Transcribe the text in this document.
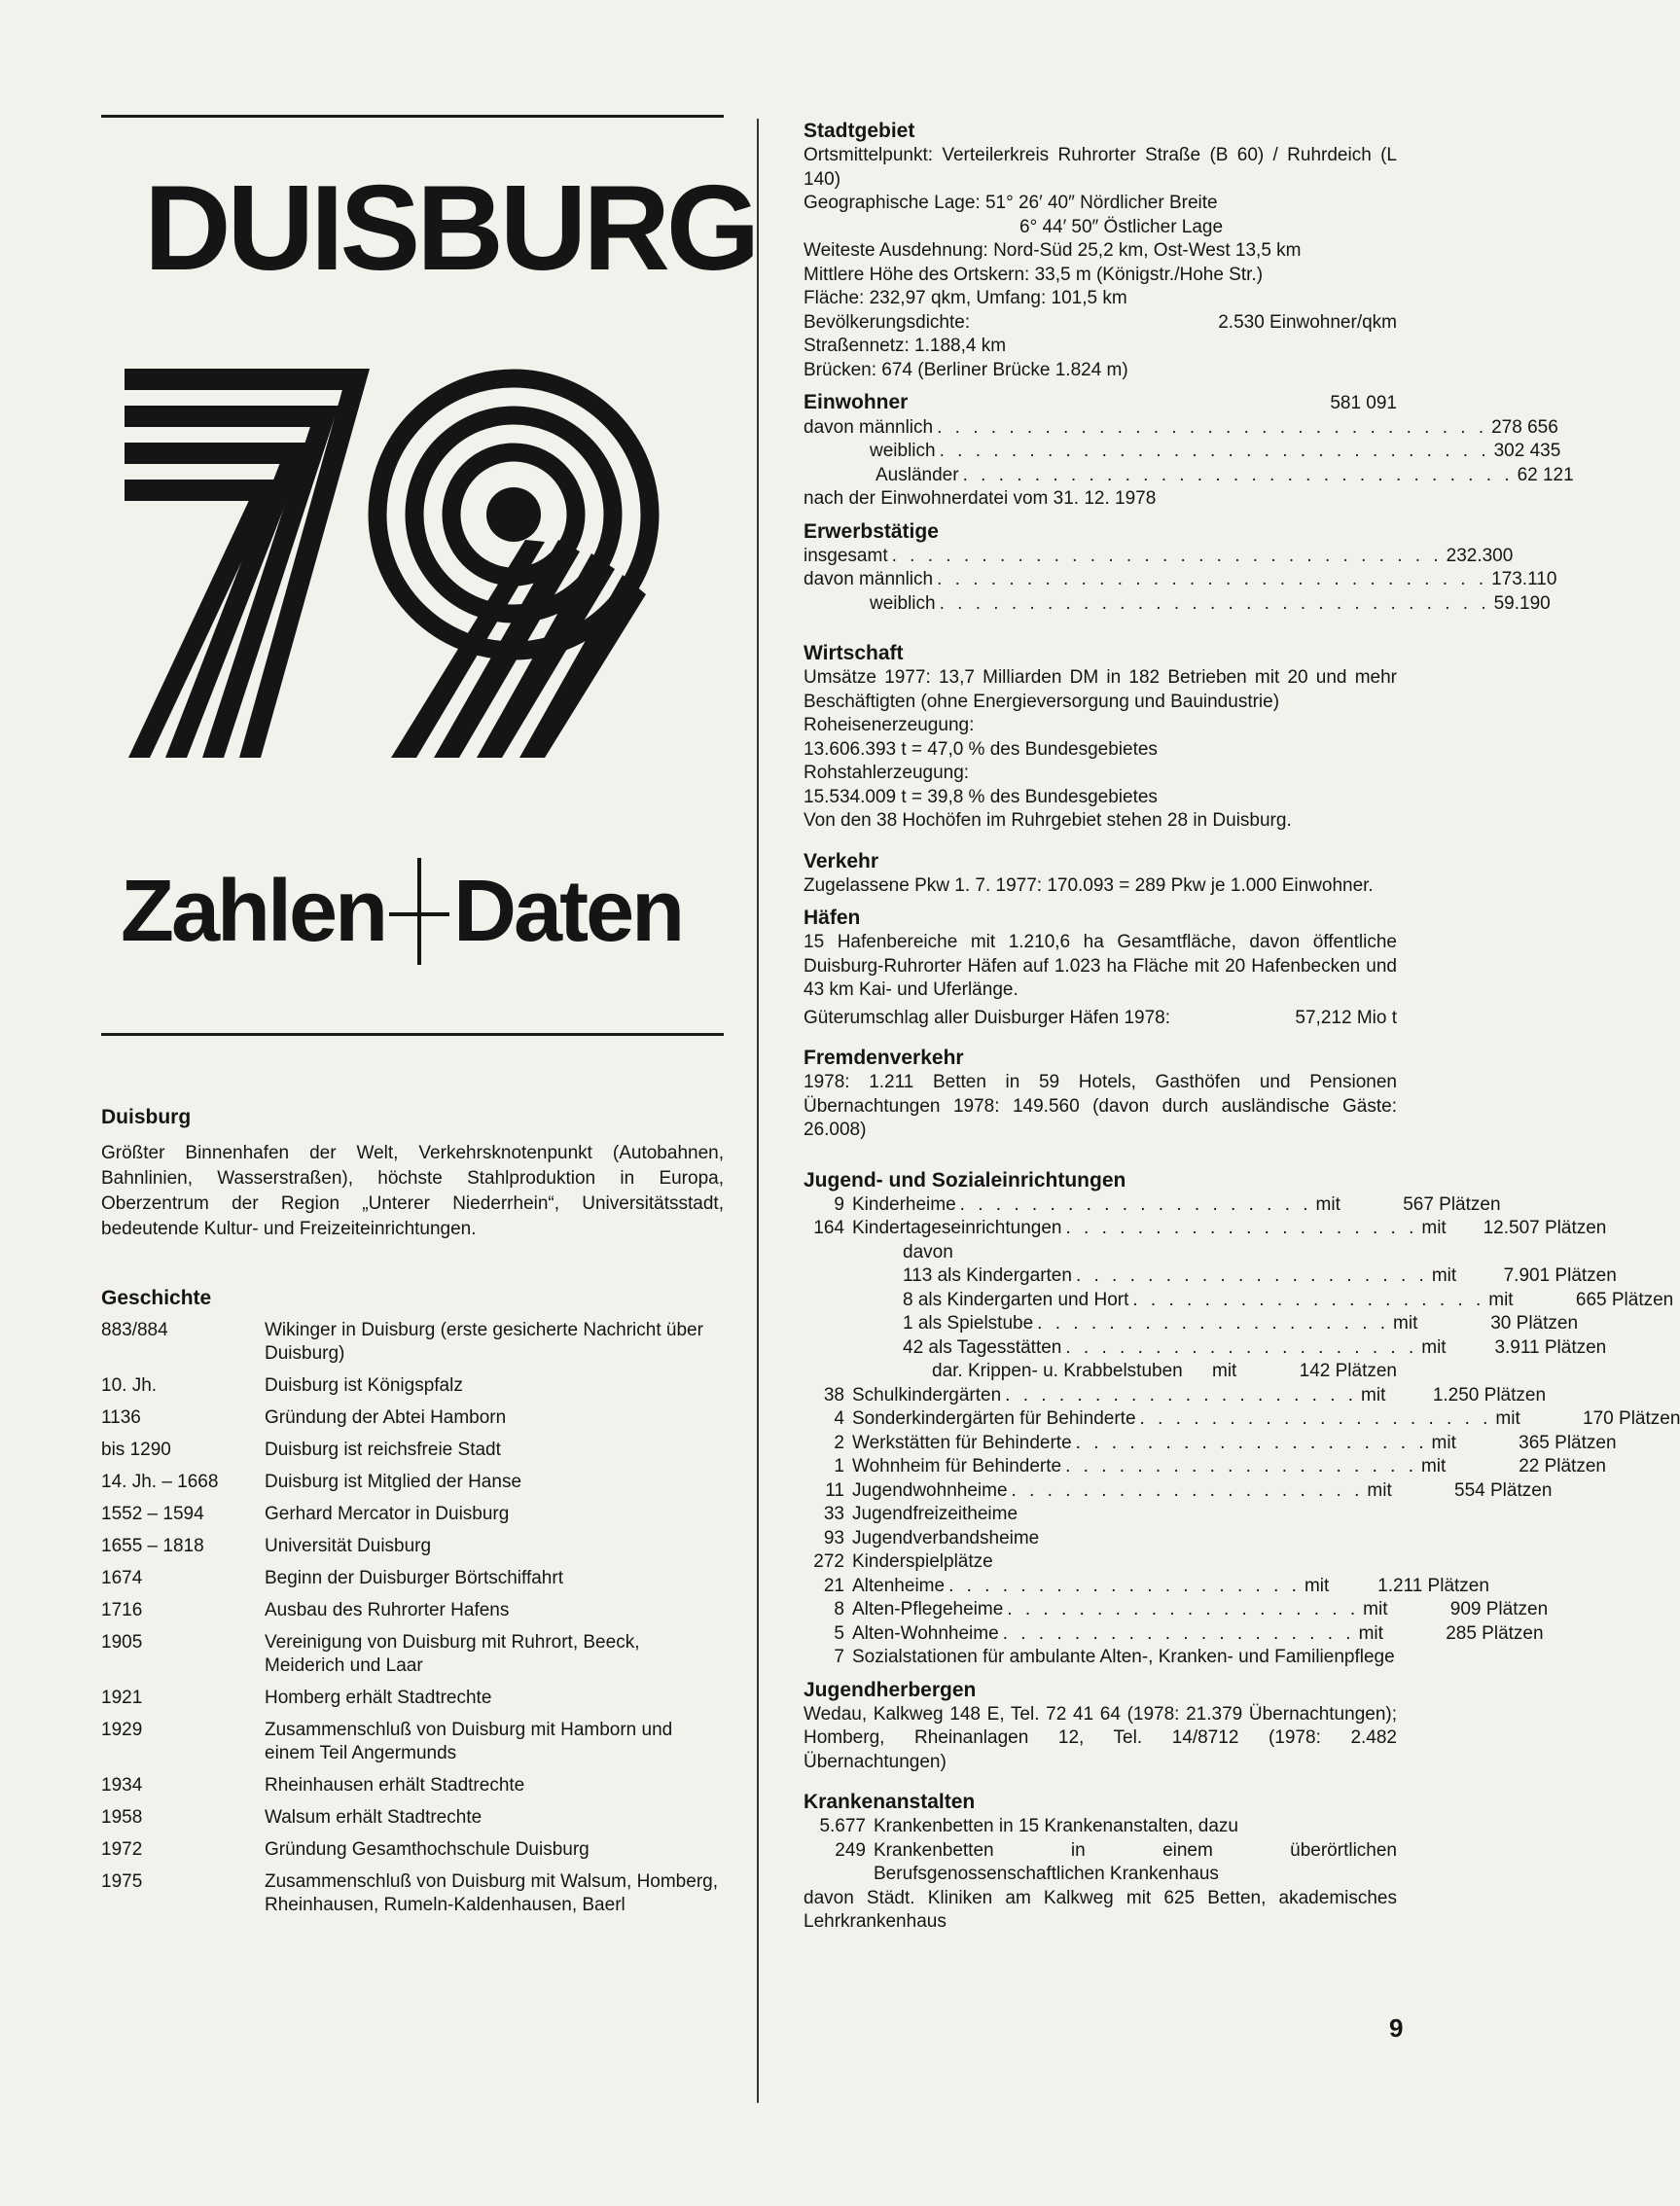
DUISBURG
Zahlen Daten

Duisburg

Größter Binnenhafen der Welt, Verkehrsknotenpunkt (Autobahnen, Bahnlinien, Wasserstraßen), höchste Stahlproduktion in Europa, Oberzentrum der Region „Unterer Niederrhein“, Universitätsstadt, bedeutende Kultur- und Freizeiteinrichtungen.

Geschichte

883/884	Wikinger in Duisburg (erste gesicherte Nachricht über Duisburg)
10. Jh.	Duisburg ist Königspfalz
1136	Gründung der Abtei Hamborn
bis 1290	Duisburg ist reichsfreie Stadt
14. Jh. – 1668	Duisburg ist Mitglied der Hanse
1552 – 1594	Gerhard Mercator in Duisburg
1655 – 1818	Universität Duisburg
1674	Beginn der Duisburger Börtschiffahrt
1716	Ausbau des Ruhrorter Hafens
1905	Vereinigung von Duisburg mit Ruhrort, Beeck, Meiderich und Laar
1921	Homberg erhält Stadtrechte
1929	Zusammenschluß von Duisburg mit Hamborn und einem Teil Angermunds
1934	Rheinhausen erhält Stadtrechte
1958	Walsum erhält Stadtrechte
1972	Gründung Gesamthochschule Duisburg
1975	Zusammenschluß von Duisburg mit Walsum, Homberg, Rheinhausen, Rumeln-Kaldenhausen, Baerl

Stadtgebiet

Ortsmittelpunkt: Verteilerkreis Ruhrorter Straße (B 60) / Ruhrdeich (L 140)
Geographische Lage: 51° 26′ 40″ Nördlicher Breite
6° 44′ 50″ Östlicher Lage
Weiteste Ausdehnung: Nord-Süd 25,2 km, Ost-West 13,5 km
Mittlere Höhe des Ortskern: 33,5 m (Königstr./Hohe Str.)
Fläche: 232,97 qkm, Umfang: 101,5 km
Bevölkerungsdichte:	2.530 Einwohner/qkm
Straßennetz: 1.188,4 km
Brücken: 674 (Berliner Brücke 1.824 m)
Einwohner	581 091
davon männlich . . . . . . . . . . . . . . . . . . . . . . . . . . . . . . . 278 656
weiblich . . . . . . . . . . . . . . . . . . . . . . . . . . . . . . . 302 435
Ausländer . . . . . . . . . . . . . . . . . . . . . . . . . . . . . . . 62 121
nach der Einwohnerdatei vom 31. 12. 1978

Erwerbstätige

insgesamt . . . . . . . . . . . . . . . . . . . . . . . . . . . . . . . 232.300
davon männlich . . . . . . . . . . . . . . . . . . . . . . . . . . . . . . . 173.110
weiblich . . . . . . . . . . . . . . . . . . . . . . . . . . . . . . . 59.190

Wirtschaft

Umsätze 1977: 13,7 Milliarden DM in 182 Betrieben mit 20 und mehr Beschäftigten (ohne Energieversorgung und Bauindustrie)
Roheisenerzeugung:
13.606.393 t = 47,0 % des Bundesgebietes
Rohstahlerzeugung:
15.534.009 t = 39,8 % des Bundesgebietes
Von den 38 Hochöfen im Ruhrgebiet stehen 28 in Duisburg.

Verkehr

Zugelassene Pkw 1. 7. 1977: 170.093 = 289 Pkw je 1.000 Einwohner.

Häfen

15 Hafenbereiche mit 1.210,6 ha Gesamtfläche, davon öffentliche Duisburg-Ruhrorter Häfen auf 1.023 ha Fläche mit 20 Hafenbecken und 43 km Kai- und Uferlänge.
Güterumschlag aller Duisburger Häfen 1978:	57,212 Mio t

Fremdenverkehr

1978: 1.211 Betten in 59 Hotels, Gasthöfen und Pensionen Übernachtungen 1978: 149.560 (davon durch ausländische Gäste: 26.008)

Jugend- und Sozialeinrichtungen

9 Kinderheime . . . . . . . . . . . . . . . . . . . . mit	567 Plätzen
164 Kindertageseinrichtungen . . . . . . . . . . . . . . . . . . . . mit	12.507 Plätzen
davon
113 als Kindergarten . . . . . . . . . . . . . . . . . . . . mit	7.901 Plätzen
8 als Kindergarten und Hort . . . . . . . . . . . . . . . . . . . . mit	665 Plätzen
1 als Spielstube . . . . . . . . . . . . . . . . . . . . mit	30 Plätzen
42 als Tagesstätten . . . . . . . . . . . . . . . . . . . . mit	3.911 Plätzen
dar. Krippen- u. Krabbelstuben mit	142 Plätzen
38 Schulkindergärten . . . . . . . . . . . . . . . . . . . . mit	1.250 Plätzen
4 Sonderkindergärten für Behinderte . . . . . . . . . . . . . . . . . . . . mit	170 Plätzen
2 Werkstätten für Behinderte . . . . . . . . . . . . . . . . . . . . mit	365 Plätzen
1 Wohnheim für Behinderte . . . . . . . . . . . . . . . . . . . . mit	22 Plätzen
11 Jugendwohnheime . . . . . . . . . . . . . . . . . . . . mit	554 Plätzen
33 Jugendfreizeitheime
93 Jugendverbandsheime
272 Kinderspielplätze
21 Altenheime . . . . . . . . . . . . . . . . . . . . mit	1.211 Plätzen
8 Alten-Pflegeheime . . . . . . . . . . . . . . . . . . . . mit	909 Plätzen
5 Alten-Wohnheime . . . . . . . . . . . . . . . . . . . . mit	285 Plätzen
7 Sozialstationen für ambulante Alten-, Kranken- und Familienpflege

Jugendherbergen

Wedau, Kalkweg 148 E, Tel. 72 41 64 (1978: 21.379 Übernachtungen); Homberg, Rheinanlagen 12, Tel. 14/8712 (1978: 2.482 Übernachtungen)

Krankenanstalten

5.677 Krankenbetten in 15 Krankenanstalten, dazu
249 Krankenbetten in einem überörtlichen Berufsgenossenschaftlichen Krankenhaus
davon Städt. Kliniken am Kalkweg mit 625 Betten, akademisches Lehrkrankenhaus
9
